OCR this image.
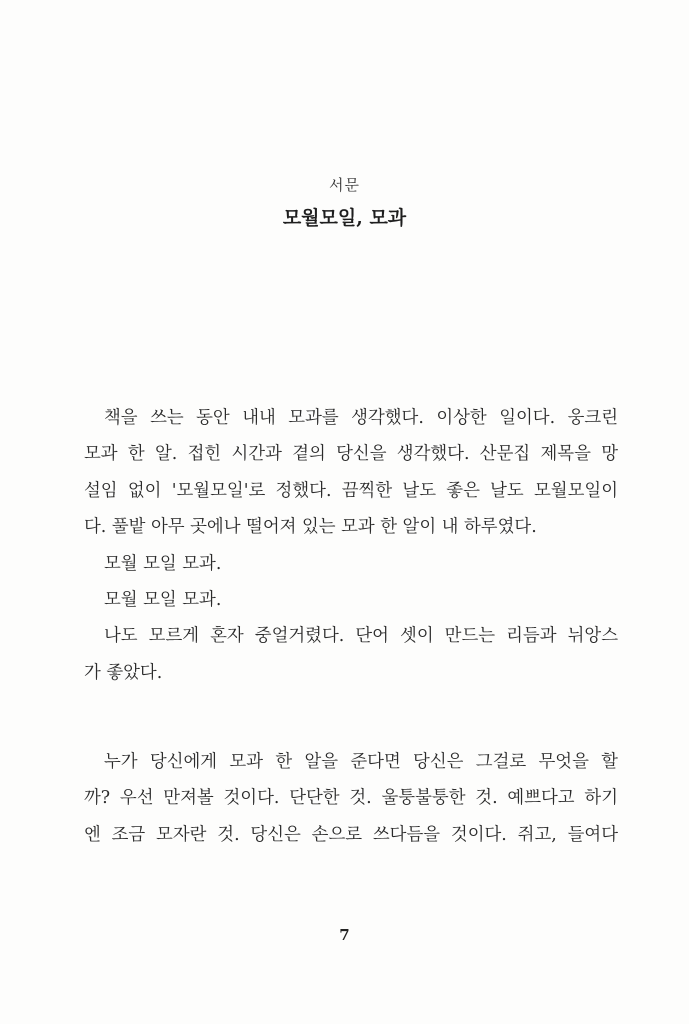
서문
모월모일, 모과
책을 쓰는 동안 내내 모과를 생각했다. 이상한 일이다. 웅크린
모과 한 알. 접힌 시간과 곁의 당신을 생각했다. 산문집 제목을 망
설임 없이 '모월모일'로 정했다. 끔찍한 날도 좋은 날도 모월모일이
다. 풀밭 아무 곳에나 떨어져 있는 모과 한 알이 내 하루였다.
모월 모일 모과.
모월 모일 모과.
나도 모르게 혼자 중얼거렸다. 단어 셋이 만드는 리듬과 뉘앙스
가 좋았다.
누가 당신에게 모과 한 알을 준다면 당신은 그걸로 무엇을 할
까? 우선 만져볼 것이다. 단단한 것. 울퉁불퉁한 것. 예쁘다고 하기
엔 조금 모자란 것. 당신은 손으로 쓰다듬을 것이다. 쥐고, 들여다
7
